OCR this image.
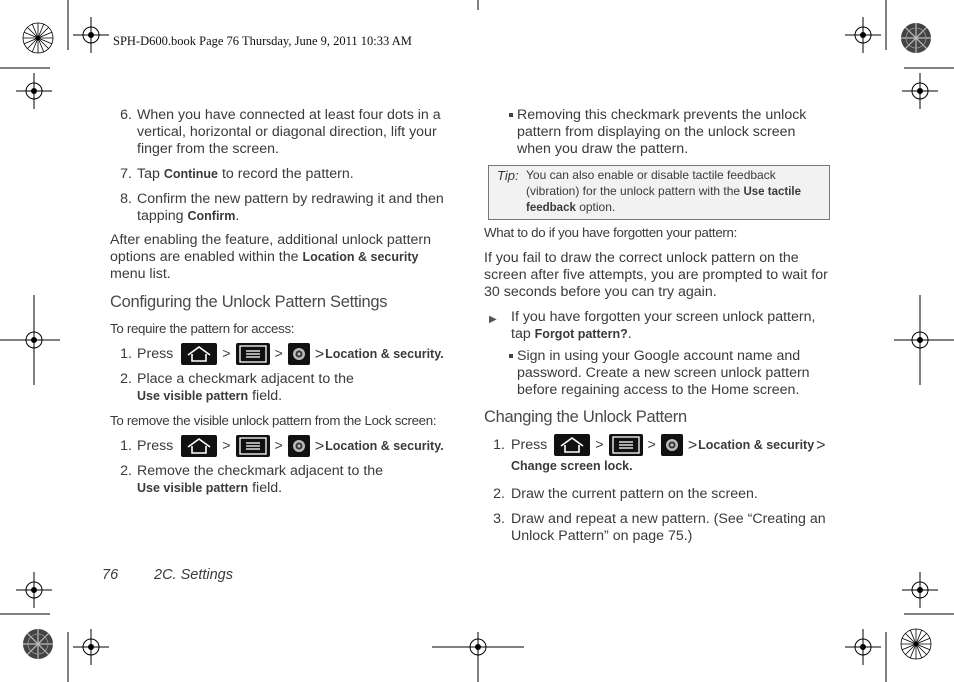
SPH-D600.book Page 76 Thursday, June 9, 2011 10:33 AM
6. When you have connected at least four dots in a
vertical, horizontal or diagonal direction, lift your
finger from the screen.
7. Tap Continue to record the pattern.
8. Confirm the new pattern by redrawing it and then
tapping Confirm.
After enabling the feature, additional unlock pattern
options are enabled within the Location & security
menu list.
Configuring the Unlock Pattern Settings
To require the pattern for access:
1. Press	>	> >Location & security.
2. Place a checkmark adjacent to the
Use visible pattern field.
To remove the visible unlock pattern from the Lock screen:
1. Press	>	> >Location & security.
2. Remove the checkmark adjacent to the
Use visible pattern field.
Removing this checkmark prevents the unlock
pattern from displaying on the unlock screen
when you draw the pattern.
Tip: You can also enable or disable tactile feedback
(vibration) for the unlock pattern with the Use tactile
feedback option.
What to do if you have forgotten your pattern:
If you fail to draw the correct unlock pattern on the
screen after five attempts, you are prompted to wait for
30 seconds before you can try again.
▶ If you have forgotten your screen unlock pattern,
tap Forgot pattern?.
Sign in using your Google account name and
password. Create a new screen unlock pattern
before regaining access to the Home screen.
Changing the Unlock Pattern
1. Press	>	> >Location & security >
Change screen lock.
2. Draw the current pattern on the screen.
3. Draw and repeat a new pattern. (See “Creating an
Unlock Pattern” on page 75.)
76 2C. Settings
